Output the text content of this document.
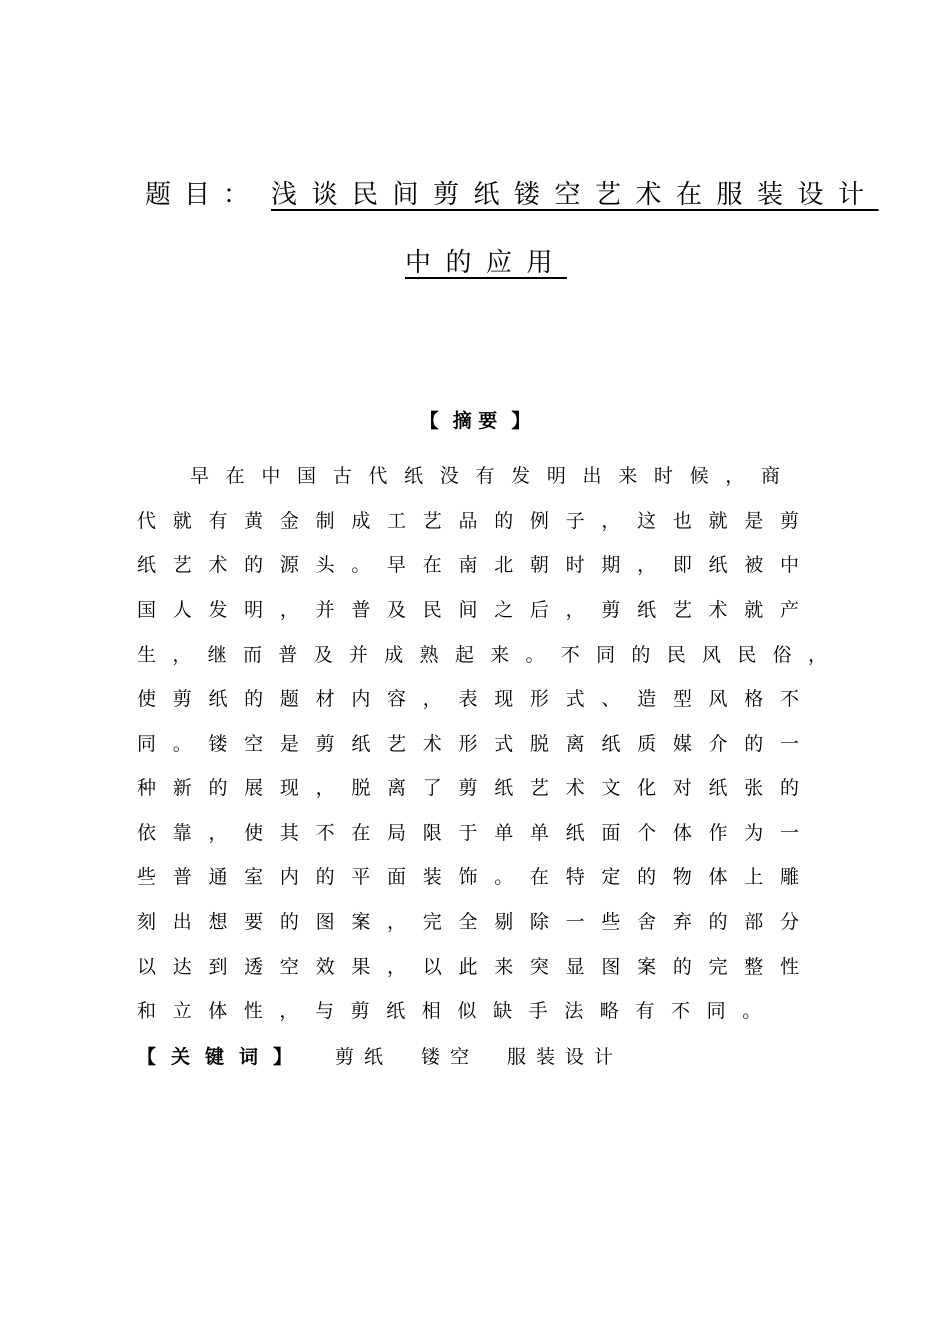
题目： 浅谈民间剪纸镂空艺术在服装设计
中的应用
【 摘 要 】
早在中国古代纸没有发明出来时候，商
代就有黄金制成工艺品的例子，这也就是剪
纸艺术的源头。早在南北朝时期，即纸被中
国人发明，并普及民间之后，剪纸艺术就产
生，继而普及并成熟起来。不同的民风民俗，
使剪纸的题材内容，表现形式、造型风格不
同。镂空是剪纸艺术形式脱离纸质媒介的一
种新的展现，脱离了剪纸艺术文化对纸张的
依靠，使其不在局限于单单纸面个体作为一
些普通室内的平面装饰。在特定的物体上雕
刻出想要的图案，完全剔除一些舍弃的部分
以达到透空效果，以此来突显图案的完整性
和立体性，与剪纸相似缺手法略有不同。
【关键词】 剪纸 镂空 服装设计
